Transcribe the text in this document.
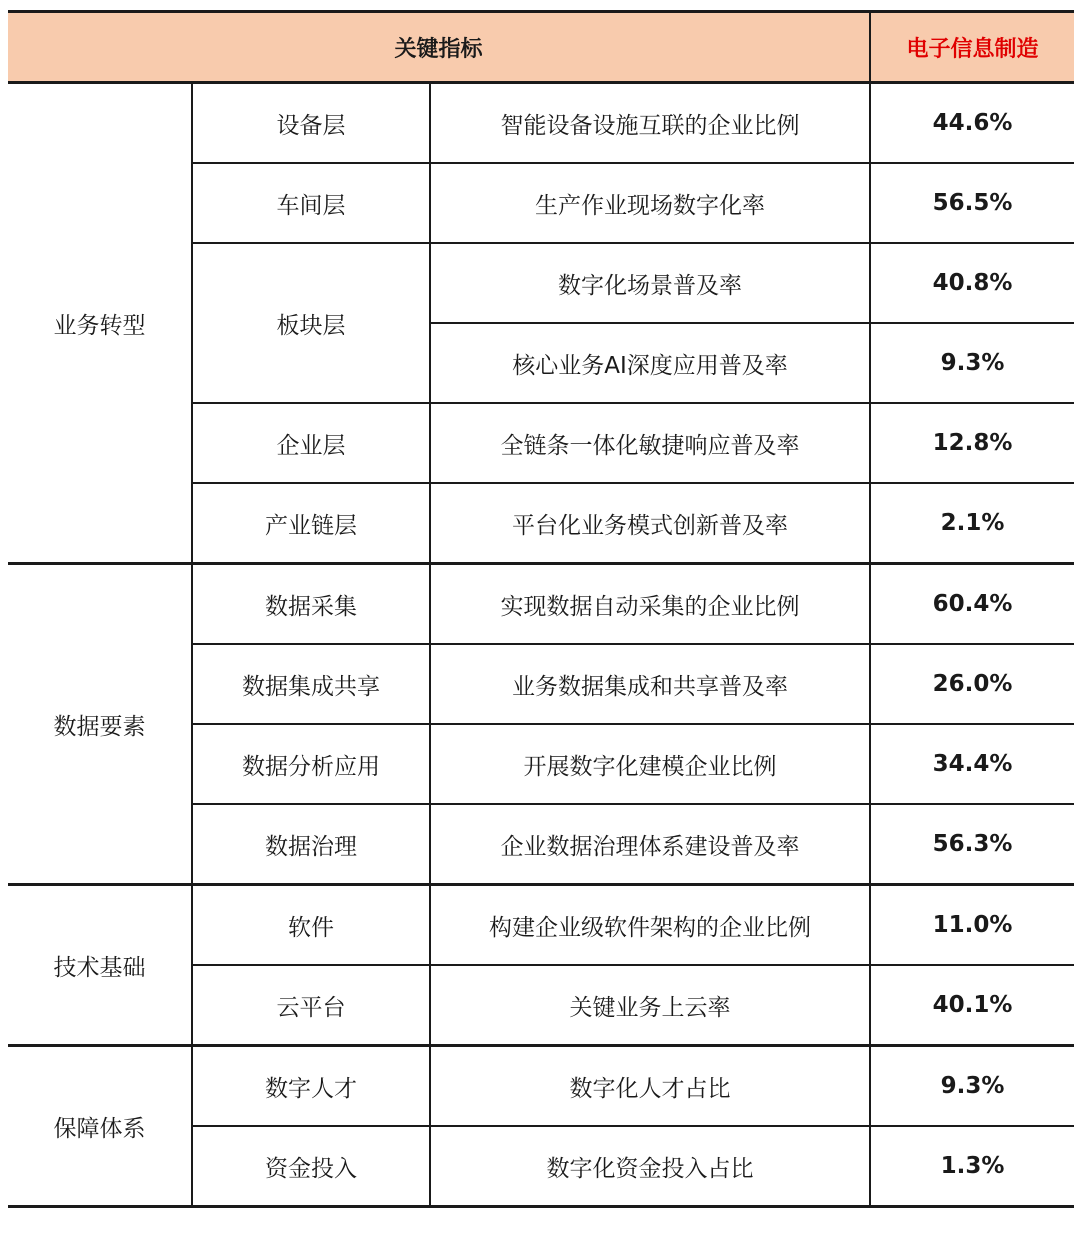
关键指标			电子信息制造
业务转型	设备层	智能设备设施互联的企业比例	44.6%
	车间层	生产作业现场数字化率	56.5%
	板块层	数字化场景普及率	40.8%
		核心业务AI深度应用普及率	9.3%
	企业层	全链条一体化敏捷响应普及率	12.8%
	产业链层	平台化业务模式创新普及率	2.1%
数据要素	数据采集	实现数据自动采集的企业比例	60.4%
	数据集成共享	业务数据集成和共享普及率	26.0%
	数据分析应用	开展数字化建模企业比例	34.4%
	数据治理	企业数据治理体系建设普及率	56.3%
技术基础	软件	构建企业级软件架构的企业比例	11.0%
	云平台	关键业务上云率	40.1%
保障体系	数字人才	数字化人才占比	9.3%
	资金投入	数字化资金投入占比	1.3%
